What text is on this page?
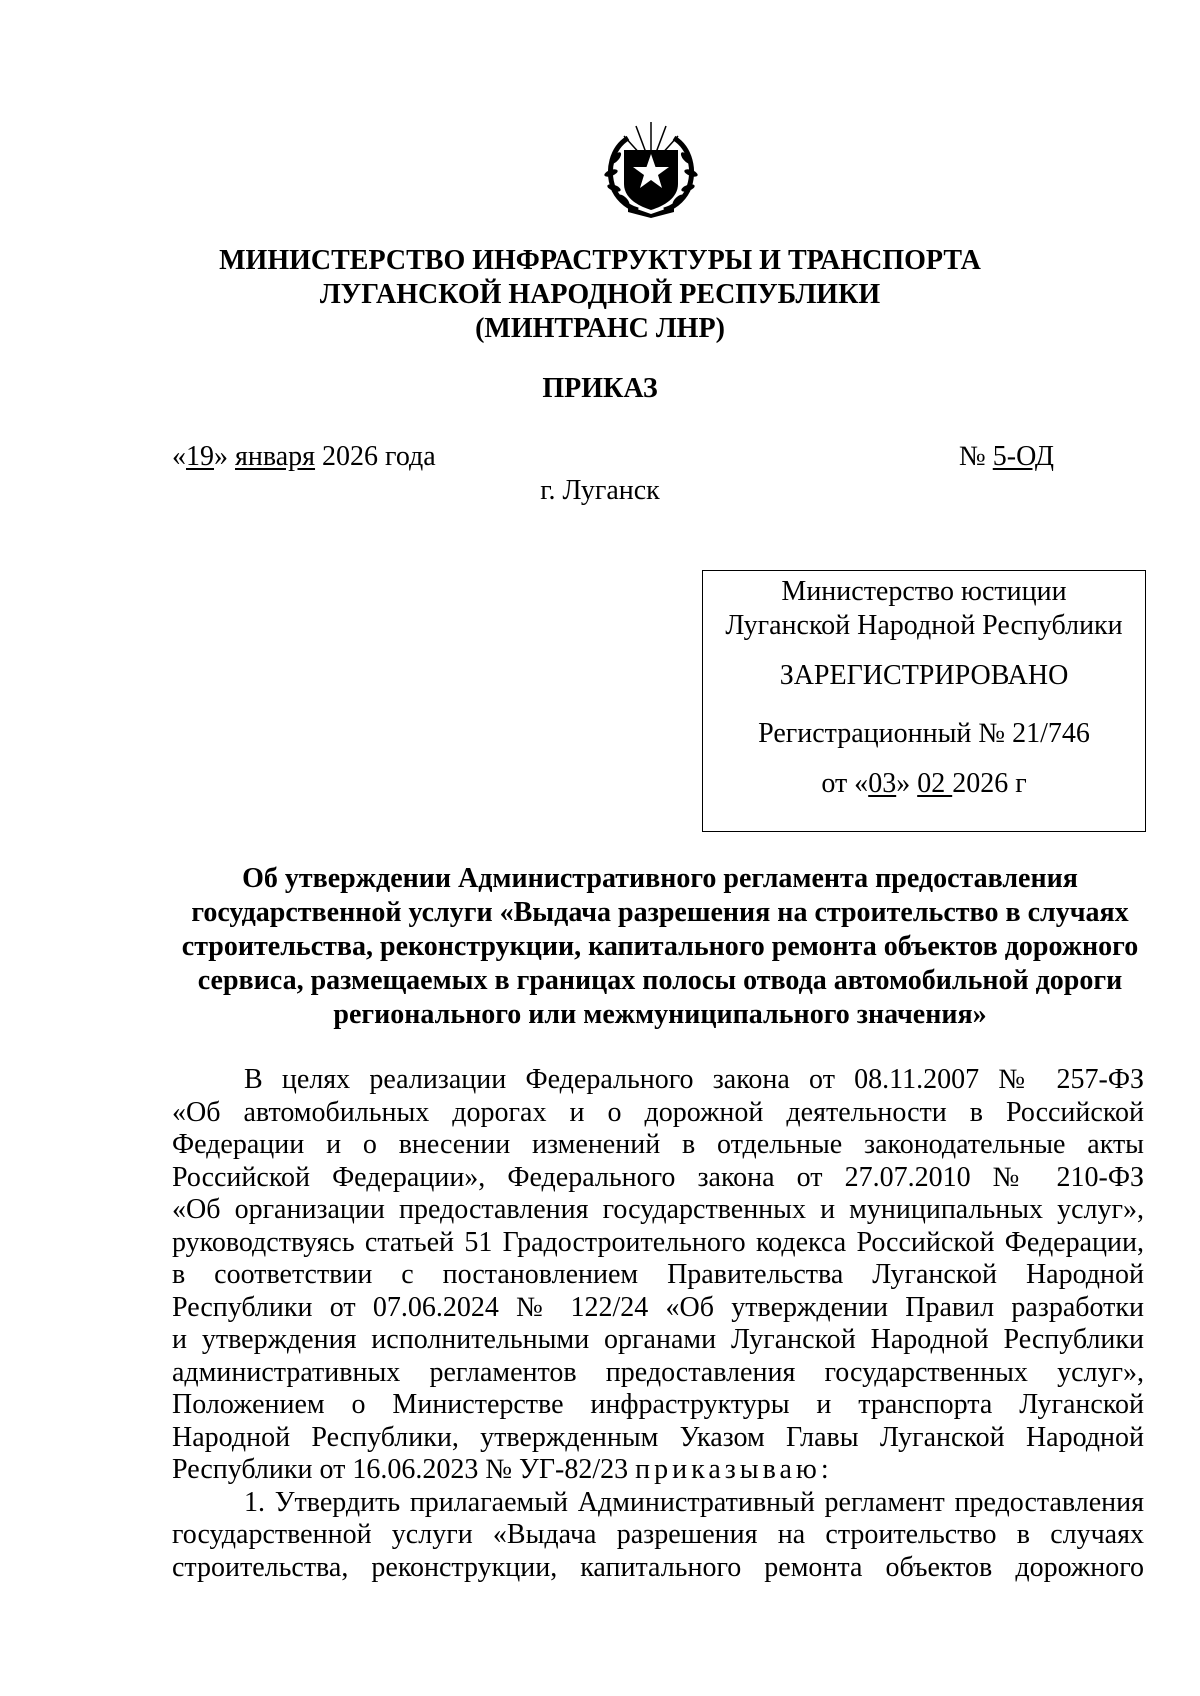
МИНИСТЕРСТВО ИНФРАСТРУКТУРЫ И ТРАНСПОРТА
ЛУГАНСКОЙ НАРОДНОЙ РЕСПУБЛИКИ
(МИНТРАНС ЛНР)
ПРИКАЗ
«19» января 2026 года	№ 5-ОД
г. Луганск
Министерство юстиции
Луганской Народной Республики
ЗАРЕГИСТРИРОВАНО
Регистрационный № 21/746
от «03» 02 2026 г
Об утверждении Административного регламента предоставления
государственной услуги «Выдача разрешения на строительство в случаях
строительства, реконструкции, капитального ремонта объектов дорожного
сервиса, размещаемых в границах полосы отвода автомобильной дороги
регионального или межмуниципального значения»
В целях реализации Федерального закона от 08.11.2007 № 257-ФЗ
«Об автомобильных дорогах и о дорожной деятельности в Российской
Федерации и о внесении изменений в отдельные законодательные акты
Российской Федерации», Федерального закона от 27.07.2010 № 210-ФЗ
«Об организации предоставления государственных и муниципальных услуг»,
руководствуясь статьей 51 Градостроительного кодекса Российской Федерации,
в соответствии с постановлением Правительства Луганской Народной
Республики от 07.06.2024 № 122/24 «Об утверждении Правил разработки
и утверждения исполнительными органами Луганской Народной Республики
административных регламентов предоставления государственных услуг»,
Положением о Министерстве инфраструктуры и транспорта Луганской
Народной Республики, утвержденным Указом Главы Луганской Народной
Республики от 16.06.2023 № УГ-82/23 приказываю:
1. Утвердить прилагаемый Административный регламент предоставления
государственной услуги «Выдача разрешения на строительство в случаях
строительства, реконструкции, капитального ремонта объектов дорожного
